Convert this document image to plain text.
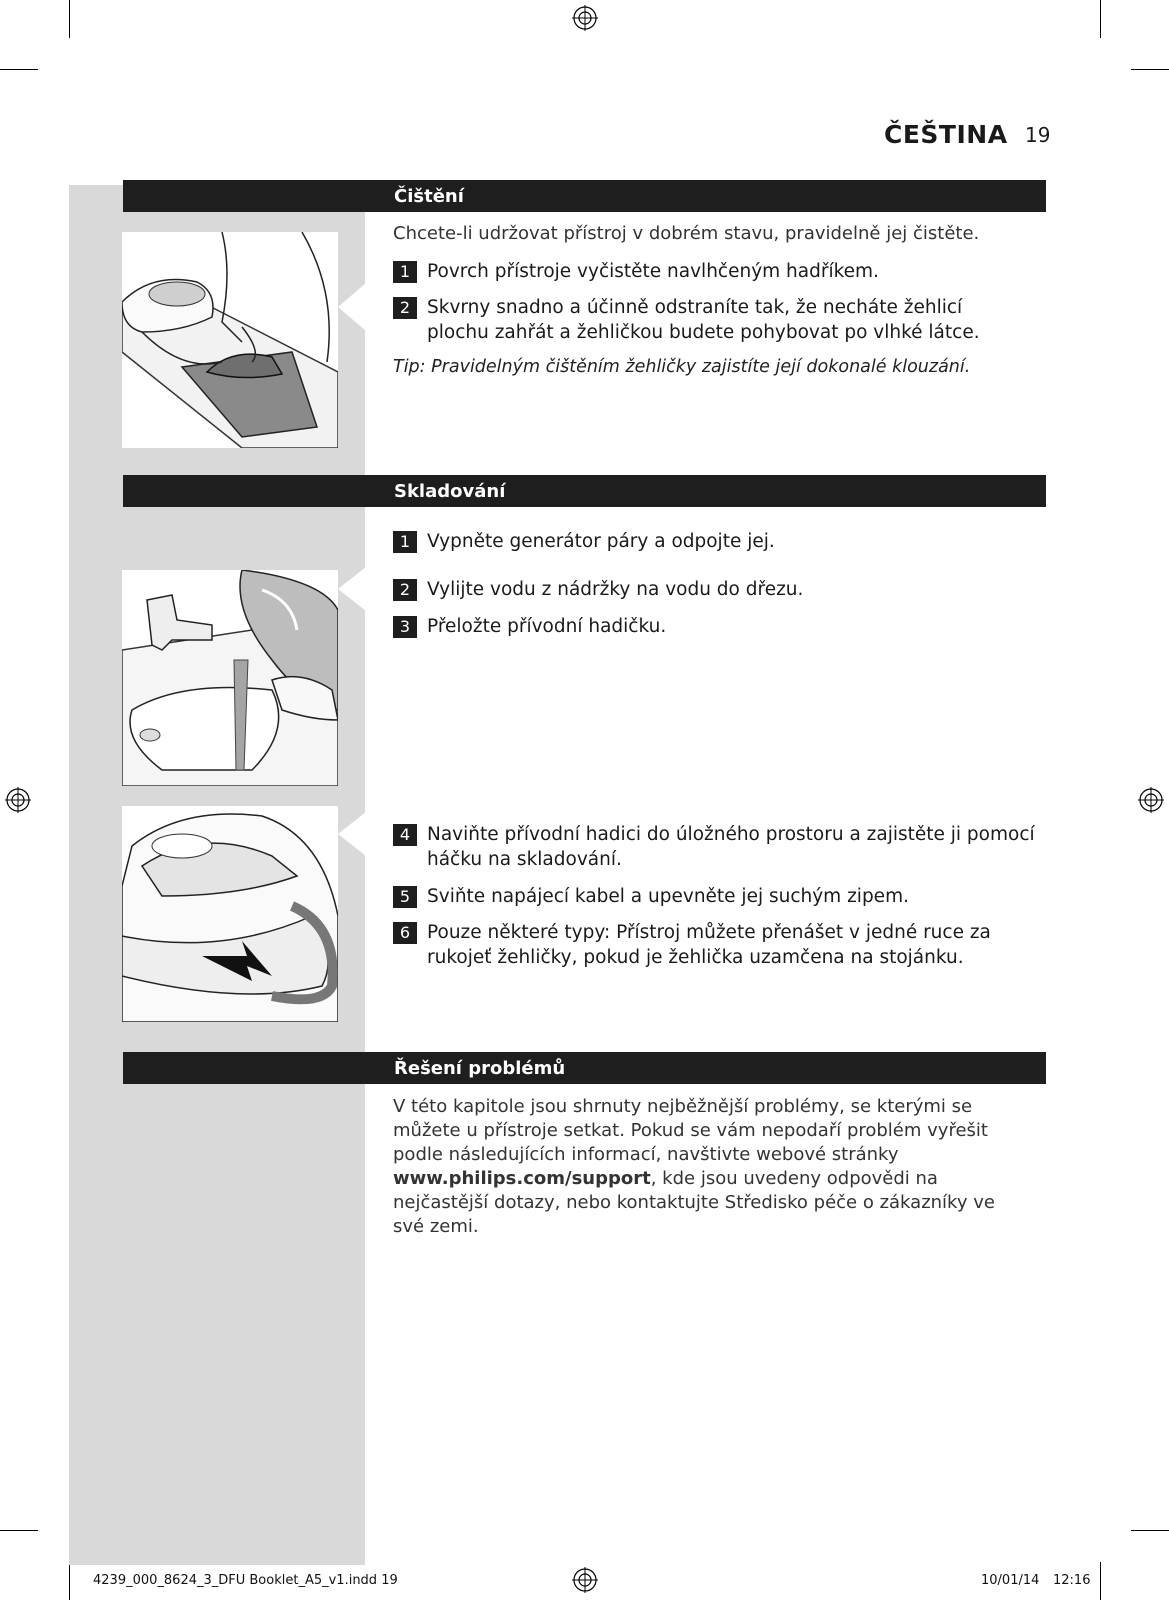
ČEŠTINA 19
Čištění
Chcete-li udržovat přístroj v dobrém stavu, pravidelně jej čistěte.
1 Povrch přístroje vyčistěte navlhčeným hadříkem.
2 Skvrny snadno a účinně odstraníte tak, že necháte žehlicí plochu zahřát a žehličkou budete pohybovat po vlhké látce.
Tip: Pravidelným čištěním žehličky zajistíte její dokonalé klouzání.
Skladování
1 Vypněte generátor páry a odpojte jej.
2 Vylijte vodu z nádržky na vodu do dřezu.
3 Přeložte přívodní hadičku.
4 Naviňte přívodní hadici do úložného prostoru a zajistěte ji pomocí háčku na skladování.
5 Sviňte napájecí kabel a upevněte jej suchým zipem.
6 Pouze některé typy: Přístroj můžete přenášet v jedné ruce za rukojeť žehličky, pokud je žehlička uzamčena na stojánku.
Řešení problémů
V této kapitole jsou shrnuty nejběžnější problémy, se kterými se můžete u přístroje setkat. Pokud se vám nepodaří problém vyřešit podle následujících informací, navštivte webové stránky www.philips.com/support, kde jsou uvedeny odpovědi na nejčastější dotazy, nebo kontaktujte Středisko péče o zákazníky ve své zemi.
4239_000_8624_3_DFU Booklet_A5_v1.indd 19	10/01/14 12:16
